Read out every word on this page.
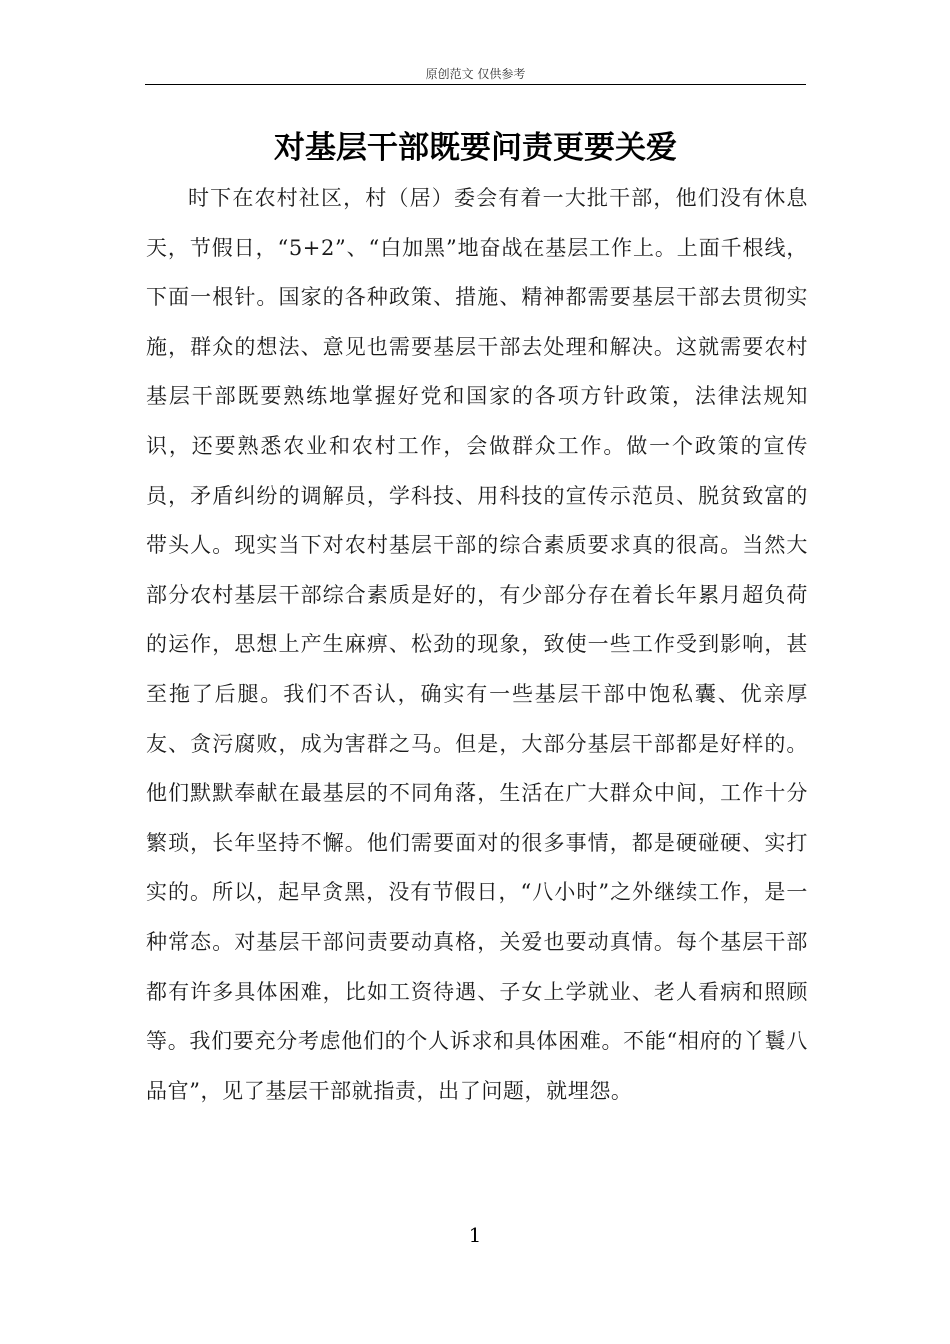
原创范文 仅供参考
对基层干部既要问责更要关爱

时下在农村社区，村（居）委会有着一大批干部，他们没有休息天，节假日，“5+2”、“白加黑”地奋战在基层工作上。上面千根线，下面一根针。国家的各种政策、措施、精神都需要基层干部去贯彻实施，群众的想法、意见也需要基层干部去处理和解决。这就需要农村基层干部既要熟练地掌握好党和国家的各项方针政策，法律法规知识，还要熟悉农业和农村工作，会做群众工作。做一个政策的宣传员，矛盾纠纷的调解员，学科技、用科技的宣传示范员、脱贫致富的带头人。现实当下对农村基层干部的综合素质要求真的很高。当然大部分农村基层干部综合素质是好的，有少部分存在着长年累月超负荷的运作，思想上产生麻痹、松劲的现象，致使一些工作受到影响，甚至拖了后腿。我们不否认，确实有一些基层干部中饱私囊、优亲厚友、贪污腐败，成为害群之马。但是，大部分基层干部都是好样的。他们默默奉献在最基层的不同角落，生活在广大群众中间，工作十分繁琐，长年坚持不懈。他们需要面对的很多事情，都是硬碰硬、实打实的。所以，起早贪黑，没有节假日，“八小时”之外继续工作，是一种常态。对基层干部问责要动真格，关爱也要动真情。每个基层干部都有许多具体困难，比如工资待遇、子女上学就业、老人看病和照顾等。我们要充分考虑他们的个人诉求和具体困难。不能“相府的丫鬟八品官”，见了基层干部就指责，出了问题，就埋怨。

1
